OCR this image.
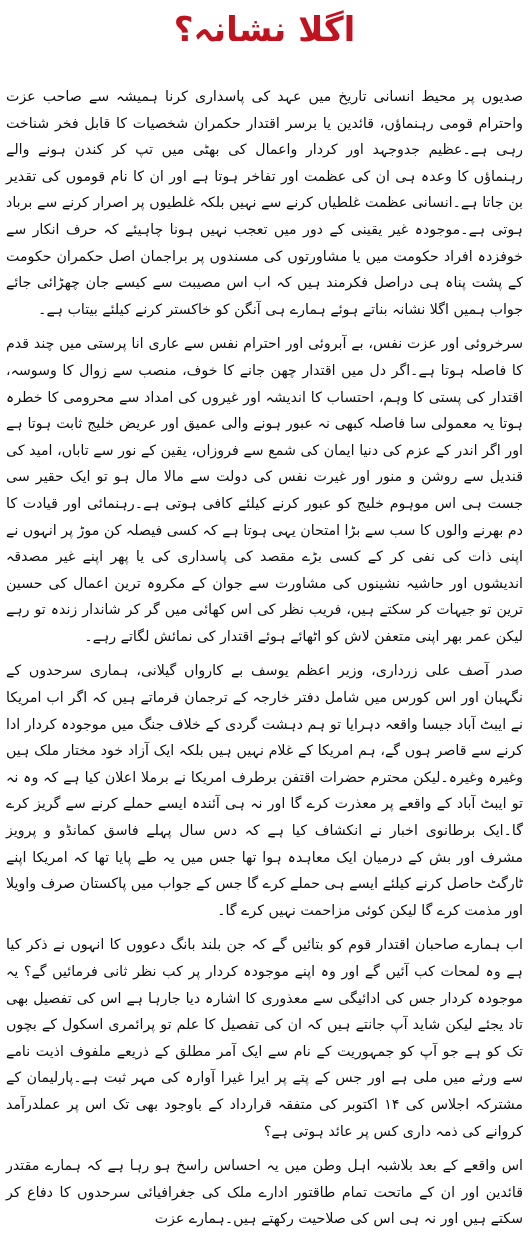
اگلا نشانہ؟

صدیوں پر محیط انسانی تاریخ میں عہد کی پاسداری کرنا ہمیشہ سے صاحب عزت واحترام قومی رہنماؤں، قائدین یا برسر اقتدار حکمران شخصیات کا قابل فخر شناخت رہی ہے۔عظیم جدوجہد اور کردار واعمال کی بھٹی میں تپ کر کندن ہونے والے رہنماؤں کا وعدہ ہی ان کی عظمت اور تفاخر ہوتا ہے اور ان کا نام قوموں کی تقدیر بن جاتا ہے۔انسانی عظمت غلطیاں کرنے سے نہیں بلکہ غلطیوں پر اصرار کرنے سے برباد ہوتی ہے۔موجودہ غیر یقینی کے دور میں تعجب نہیں ہونا چاہیئے کہ حرف انکار سے خوفزدہ افراد حکومت میں یا مشاورتوں کی مسندوں پر براجمان اصل حکمران حکومت کے پشت پناہ ہی دراصل فکرمند ہیں کہ اب اس مصیبت سے کیسے جان چھڑائی جائے جواب ہمیں اگلا نشانہ بناتے ہوئے ہمارے ہی آنگن کو خاکستر کرنے کیلئے بیتاب ہے۔

سرخروئی اور عزت نفس، بے آبروئی اور احترام نفس سے عاری انا پرستی میں چند قدم کا فاصلہ ہوتا ہے۔اگر دل میں اقتدار چھن جانے کا خوف، منصب سے زوال کا وسوسہ، اقتدار کی پستی کا وہم، احتساب کا اندیشہ اور غیروں کی امداد سے محرومی کا خطرہ ہوتا یہ معمولی سا فاصلہ کبھی نہ عبور ہونے والی عمیق اور عریض خلیج ثابت ہوتا ہے اور اگر اندر کے عزم کی دنیا ایمان کی شمع سے فروزاں، یقین کے نور سے تاباں، امید کی قندیل سے روشن و منور اور غیرت نفس کی دولت سے مالا مال ہو تو ایک حقیر سی جست ہی اس موہوم خلیج کو عبور کرنے کیلئے کافی ہوتی ہے۔رہنمائی اور قیادت کا دم بھرنے والوں کا سب سے بڑا امتحان یہی ہوتا ہے کہ کسی فیصلہ کن موڑ پر انہوں نے اپنی ذات کی نفی کر کے کسی بڑے مقصد کی پاسداری کی یا پھر اپنے غیر مصدقہ اندیشوں اور حاشیہ نشینوں کی مشاورت سے جوان کے مکروہ ترین اعمال کی حسین ترین تو جیہات کر سکتے ہیں، فریب نظر کی اس کھائی میں گر کر شاندار زندہ تو رہے لیکن عمر بھر اپنی متعفن لاش کو اٹھائے ہوئے اقتدار کی نمائش لگاتے رہے۔

صدر آصف علی زرداری، وزیر اعظم یوسف بے کارواں گیلانی، ہماری سرحدوں کے نگہبان اور اس کورس میں شامل دفتر خارجہ کے ترجمان فرماتے ہیں کہ اگر اب امریکا نے ایبٹ آباد جیسا واقعہ دہرایا تو ہم دہشت گردی کے خلاف جنگ میں موجودہ کردار ادا کرنے سے قاصر ہوں گے، ہم امریکا کے غلام نہیں ہیں بلکہ ایک آزاد خود مختار ملک ہیں وغیرہ وغیرہ۔لیکن محترم حضرات اقتفن برطرف امریکا نے برملا اعلان کیا ہے کہ وہ نہ تو ایبٹ آباد کے واقعے پر معذرت کرے گا اور نہ ہی آئندہ ایسے حملے کرنے سے گریز کرے گا۔ایک برطانوی اخبار نے انکشاف کیا ہے کہ دس سال پہلے فاسق کمانڈو و پرویز مشرف اور بش کے درمیان ایک معاہدہ ہوا تھا جس میں یہ طے پایا تھا کہ امریکا اپنے ٹارگٹ حاصل کرنے کیلئے ایسے ہی حملے کرے گا جس کے جواب میں پاکستان صرف واویلا اور مذمت کرے گا لیکن کوئی مزاحمت نہیں کرے گا۔

اب ہمارے صاحبان اقتدار قوم کو بتائیں گے کہ جن بلند بانگ دعووں کا انہوں نے ذکر کیا ہے وہ لمحات کب آئیں گے اور وہ اپنے موجودہ کردار پر کب نظر ثانی فرمائیں گے؟ یہ موجودہ کردار جس کی ادائیگی سے معذوری کا اشارہ دیا جارہا ہے اس کی تفصیل بھی تاد یجئے لیکن شاید آپ جانتے ہیں کہ ان کی تفصیل کا علم تو پرائمری اسکول کے بچوں تک کو ہے جو آپ کو جمہوریت کے نام سے ایک آمر مطلق کے ذریعے ملفوف اذیت نامے سے ورثے میں ملی ہے اور جس کے پتے پر ایرا غیرا آوارہ کی مہر ثبت ہے۔پارلیمان کے مشترکہ اجلاس کی ۱۴ اکتوبر کی متفقہ قرارداد کے باوجود بھی تک اس پر عملدرآمد کروانے کی ذمہ داری کس پر عائد ہوتی ہے؟

اس واقعے کے بعد بلاشبہ اہل وطن میں یہ احساس راسخ ہو رہا ہے کہ ہمارے مقتدر قائدین اور ان کے ماتحت تمام طاقتور ادارے ملک کی جغرافیائی سرحدوں کا دفاع کر سکتے ہیں اور نہ ہی اس کی صلاحیت رکھتے ہیں۔ہمارے عزت
